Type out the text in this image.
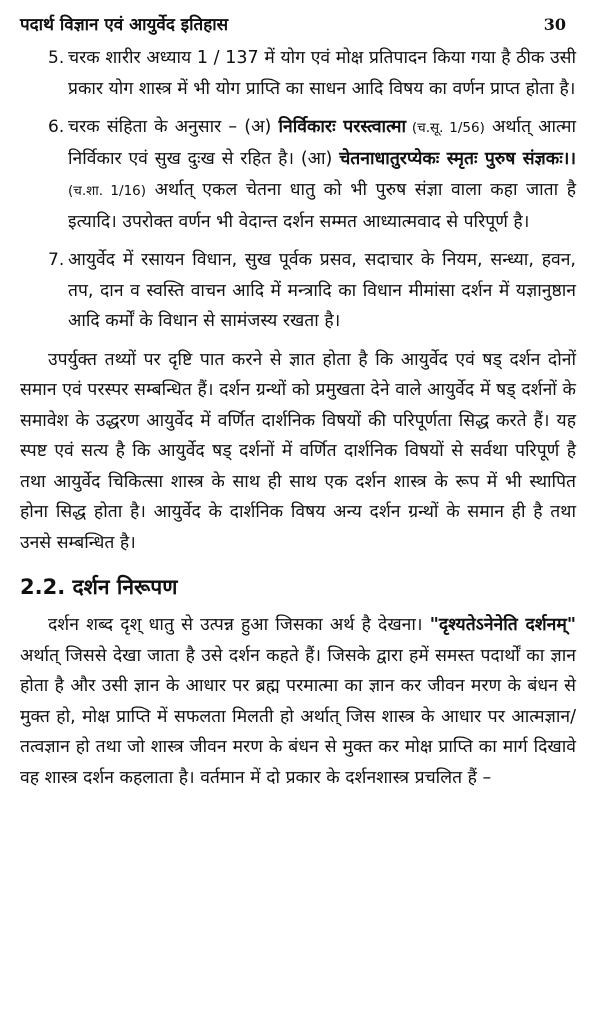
पदार्थ विज्ञान एवं आयुर्वेद इतिहास	30
5. चरक शारीर अध्याय 1 / 137 में योग एवं मोक्ष प्रतिपादन किया गया है ठीक उसी प्रकार योग शास्त्र में भी योग प्राप्ति का साधन आदि विषय का वर्णन प्राप्त होता है।
6. चरक संहिता के अनुसार – (अ) निर्विकारः परस्त्वात्मा (च.सू. 1/56) अर्थात् आत्मा निर्विकार एवं सुख दुःख से रहित है। (आ) चेतनाधातुरप्येकः स्मृतः पुरुष संज्ञकः।। (च.शा. 1/16) अर्थात् एकल चेतना धातु को भी पुरुष संज्ञा वाला कहा जाता है इत्यादि। उपरोक्त वर्णन भी वेदान्त दर्शन सम्मत आध्यात्मवाद से परिपूर्ण है।
7. आयुर्वेद में रसायन विधान, सुख पूर्वक प्रसव, सदाचार के नियम, सन्ध्या, हवन, तप, दान व स्वस्ति वाचन आदि में मन्त्रादि का विधान मीमांसा दर्शन में यज्ञानुष्ठान आदि कर्मों के विधान से सामंजस्य रखता है।

उपर्युक्त तथ्यों पर दृष्टि पात करने से ज्ञात होता है कि आयुर्वेद एवं षड् दर्शन दोनों समान एवं परस्पर सम्बन्धित हैं। दर्शन ग्रन्थों को प्रमुखता देने वाले आयुर्वेद में षड् दर्शनों के समावेश के उद्धरण आयुर्वेद में वर्णित दार्शनिक विषयों की परिपूर्णता सिद्ध करते हैं। यह स्पष्ट एवं सत्य है कि आयुर्वेद षड् दर्शनों में वर्णित दार्शनिक विषयों से सर्वथा परिपूर्ण है तथा आयुर्वेद चिकित्सा शास्त्र के साथ ही साथ एक दर्शन शास्त्र के रूप में भी स्थापित होना सिद्ध होता है। आयुर्वेद के दार्शनिक विषय अन्य दर्शन ग्रन्थों के समान ही है तथा उनसे सम्बन्धित है।

2.2. दर्शन निरूपण

दर्शन शब्द दृश् धातु से उत्पन्न हुआ जिसका अर्थ है देखना। "दृश्यतेऽनेनेति दर्शनम्" अर्थात् जिससे देखा जाता है उसे दर्शन कहते हैं। जिसके द्वारा हमें समस्त पदार्थों का ज्ञान होता है और उसी ज्ञान के आधार पर ब्रह्म परमात्मा का ज्ञान कर जीवन मरण के बंधन से मुक्त हो, मोक्ष प्राप्ति में सफलता मिलती हो अर्थात् जिस शास्त्र के आधार पर आत्मज्ञान/तत्वज्ञान हो तथा जो शास्त्र जीवन मरण के बंधन से मुक्त कर मोक्ष प्राप्ति का मार्ग दिखावे वह शास्त्र दर्शन कहलाता है। वर्तमान में दो प्रकार के दर्शनशास्त्र प्रचलित हैं –
